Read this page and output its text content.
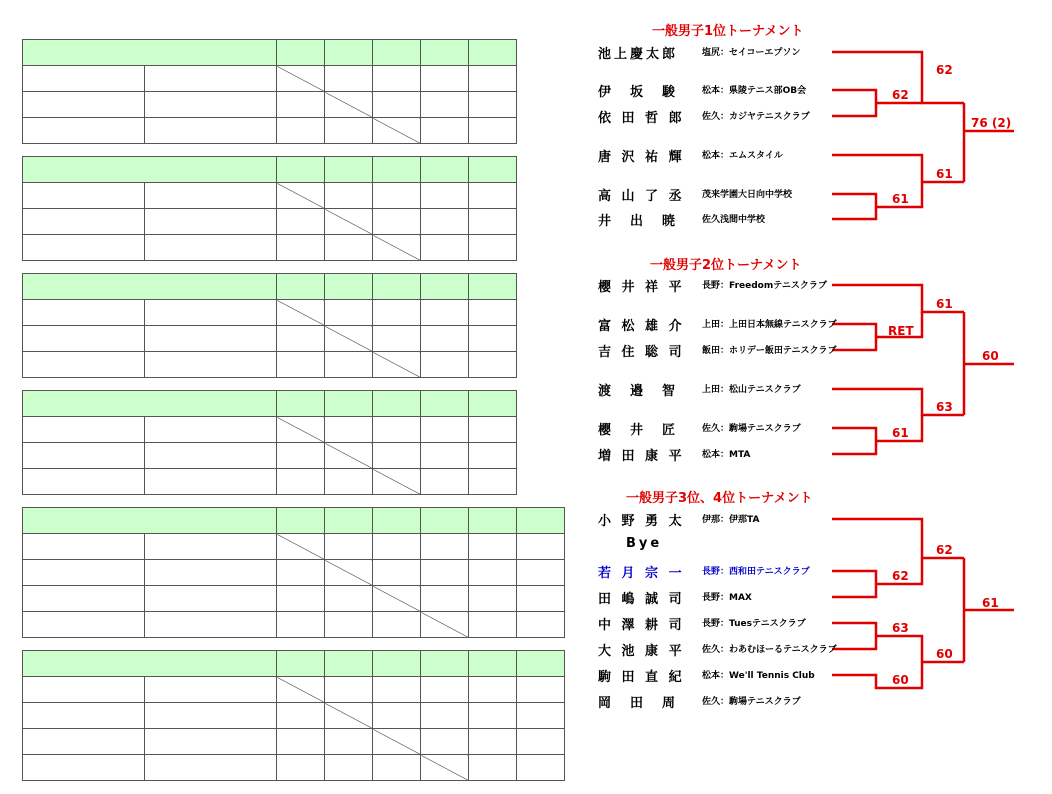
62
62
76 (2)
61
61
61
RET
60
63
61
62
62
61
63
60
60
一般男子1位トーナメント
一般男子2位トーナメント
一般男子3位、4位トーナメント
池上慶太郎	塩尻：セイコーエプソン
伊　坂　駿	松本：県陵テニス部OB会
依 田 哲 郎 佐久：カジヤテニスクラブ
唐 沢 祐 輝 松本：エムスタイル
高 山 了 丞 茂来学園大日向中学校
井　出　暁	佐久浅間中学校
櫻 井 祥 平 長野：Freedomテニスクラブ
富 松 雄 介 上田：上田日本無線テニスクラブ
吉 住 聡 司 飯田：ホリデー飯田テニスクラブ
渡　邉　智	上田：松山テニスクラブ
櫻　井　匠	佐久：駒場テニスクラブ
増 田 康 平 松本：MTA
小 野 勇 太 伊那：伊那TA
Bye
若 月 宗 一 長野：西和田テニスクラブ
田 嶋 誠 司 長野：MAX
中 澤 耕 司 長野：Tuesテニスクラブ
大 池 康 平 佐久：わあむほーるテニスクラブ
駒 田 直 紀 松本：We'll Tennis Club
岡　田　周	佐久：駒場テニスクラブ
